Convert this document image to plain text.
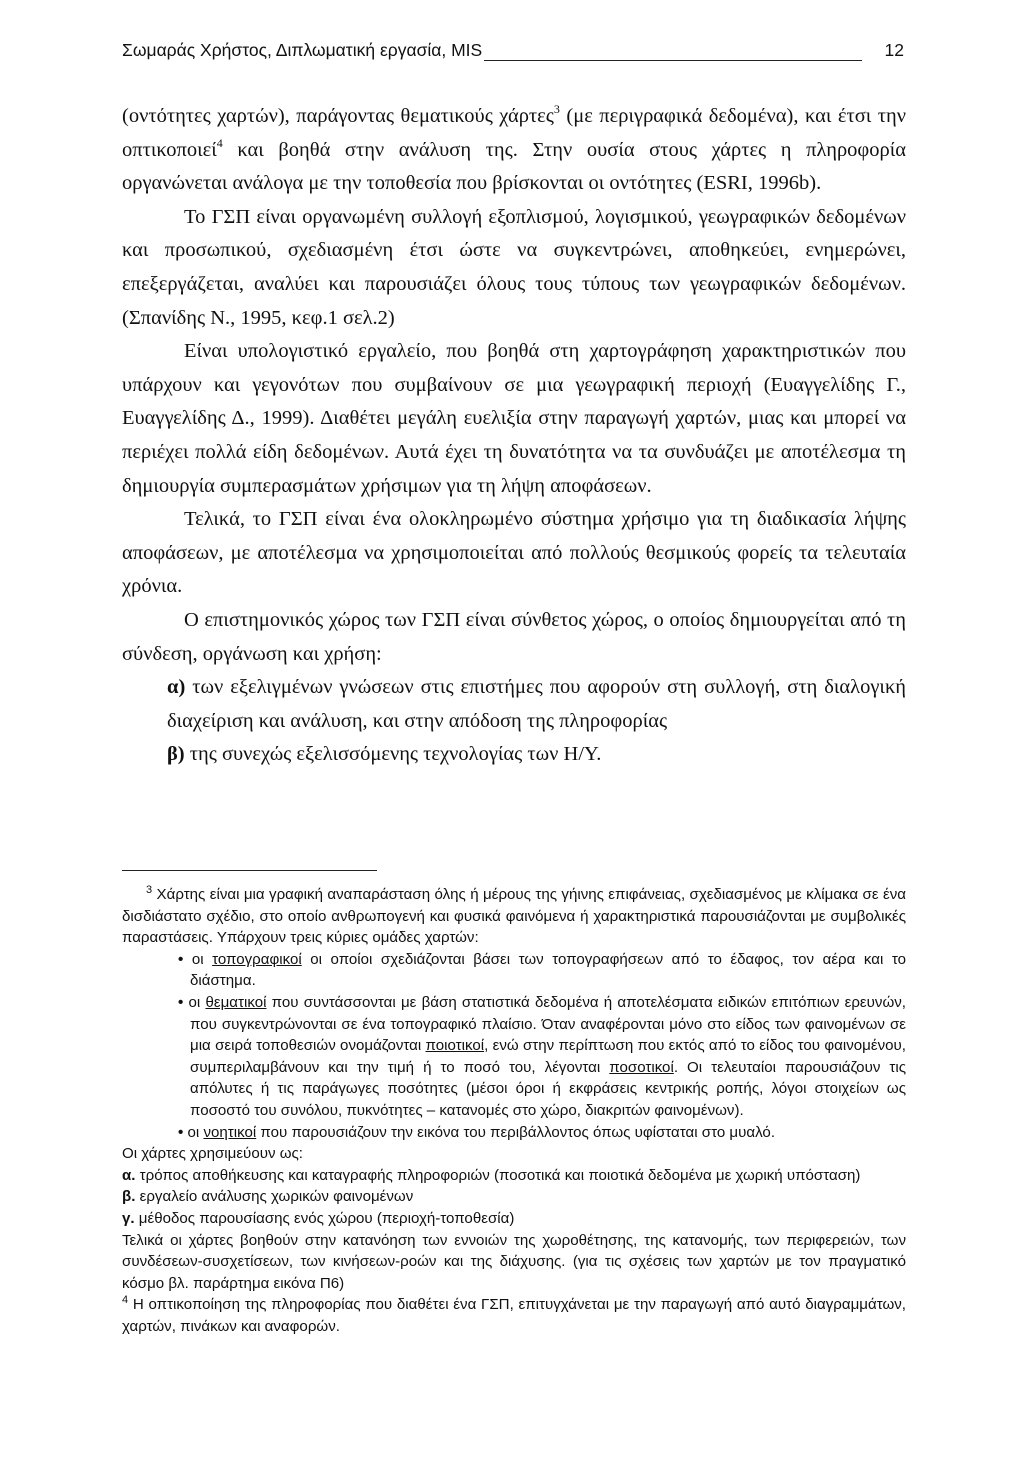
Σωμαράς Χρήστος, Διπλωματική εργασία, MIS	12

(οντότητες χαρτών), παράγοντας θεματικούς χάρτες$^3$ (με περιγραφικά δεδομένα), και έτσι την οπτικοποιεί$^4$ και βοηθά στην ανάλυση της. Στην ουσία στους χάρτες η πληροφορία οργανώνεται ανάλογα με την τοποθεσία που βρίσκονται οι οντότητες (ESRI, 1996b).

Το ΓΣΠ είναι οργανωμένη συλλογή εξοπλισμού, λογισμικού, γεωγραφικών δεδομένων και προσωπικού, σχεδιασμένη έτσι ώστε να συγκεντρώνει, αποθηκεύει, ενημερώνει, επεξεργάζεται, αναλύει και παρουσιάζει όλους τους τύπους των γεωγραφικών δεδομένων. (Σπανίδης Ν., 1995, κεφ.1 σελ.2)

Είναι υπολογιστικό εργαλείο, που βοηθά στη χαρτογράφηση χαρακτηριστικών που υπάρχουν και γεγονότων που συμβαίνουν σε μια γεωγραφική περιοχή (Ευαγγελίδης Γ., Ευαγγελίδης Δ., 1999). Διαθέτει μεγάλη ευελιξία στην παραγωγή χαρτών, μιας και μπορεί να περιέχει πολλά είδη δεδομένων. Αυτά έχει τη δυνατότητα να τα συνδυάζει με αποτέλεσμα τη δημιουργία συμπερασμάτων χρήσιμων για τη λήψη αποφάσεων.

Τελικά, το ΓΣΠ είναι ένα ολοκληρωμένο σύστημα χρήσιμο για τη διαδικασία λήψης αποφάσεων, με αποτέλεσμα να χρησιμοποιείται από πολλούς θεσμικούς φορείς τα τελευταία χρόνια.

Ο επιστημονικός χώρος των ΓΣΠ είναι σύνθετος χώρος, ο οποίος δημιουργείται από τη σύνδεση, οργάνωση και χρήση:

α) των εξελιγμένων γνώσεων στις επιστήμες που αφορούν στη συλλογή, στη διαλογική διαχείριση και ανάλυση, και στην απόδοση της πληροφορίας

β) της συνεχώς εξελισσόμενης τεχνολογίας των Η/Υ.

$^3$ Χάρτης είναι μια γραφική αναπαράσταση όλης ή μέρους της γήινης επιφάνειας, σχεδιασμένος με κλίμακα σε ένα δισδιάστατο σχέδιο, στο οποίο ανθρωπογενή και φυσικά φαινόμενα ή χαρακτηριστικά παρουσιάζονται με συμβολικές παραστάσεις. Υπάρχουν τρεις κύριες ομάδες χαρτών:

• οι τοπογραφικοί οι οποίοι σχεδιάζονται βάσει των τοπογραφήσεων από το έδαφος, τον αέρα και το διάστημα.

• οι θεματικοί που συντάσσονται με βάση στατιστικά δεδομένα ή αποτελέσματα ειδικών επιτόπιων ερευνών, που συγκεντρώνονται σε ένα τοπογραφικό πλαίσιο. Όταν αναφέρονται μόνο στο είδος των φαινομένων σε μια σειρά τοποθεσιών ονομάζονται ποιοτικοί, ενώ στην περίπτωση που εκτός από το είδος του φαινομένου, συμπεριλαμβάνουν και την τιμή ή το ποσό του, λέγονται ποσοτικοί. Οι τελευταίοι παρουσιάζουν τις απόλυτες ή τις παράγωγες ποσότητες (μέσοι όροι ή εκφράσεις κεντρικής ροπής, λόγοι στοιχείων ως ποσοστό του συνόλου, πυκνότητες – κατανομές στο χώρο, διακριτών φαινομένων).

• οι νοητικοί που παρουσιάζουν την εικόνα του περιβάλλοντος όπως υφίσταται στο μυαλό.

Οι χάρτες χρησιμεύουν ως:

α. τρόπος αποθήκευσης και καταγραφής πληροφοριών (ποσοτικά και ποιοτικά δεδομένα με χωρική υπόσταση)

β. εργαλείο ανάλυσης χωρικών φαινομένων

γ. μέθοδος παρουσίασης ενός χώρου (περιοχή-τοποθεσία)

Τελικά οι χάρτες βοηθούν στην κατανόηση των εννοιών της χωροθέτησης, της κατανομής, των περιφερειών, των συνδέσεων-συσχετίσεων, των κινήσεων-ροών και της διάχυσης. (για τις σχέσεις των χαρτών με τον πραγματικό κόσμο βλ. παράρτημα εικόνα Π6)

$^4$ Η οπτικοποίηση της πληροφορίας που διαθέτει ένα ΓΣΠ, επιτυγχάνεται με την παραγωγή από αυτό διαγραμμάτων, χαρτών, πινάκων και αναφορών.
